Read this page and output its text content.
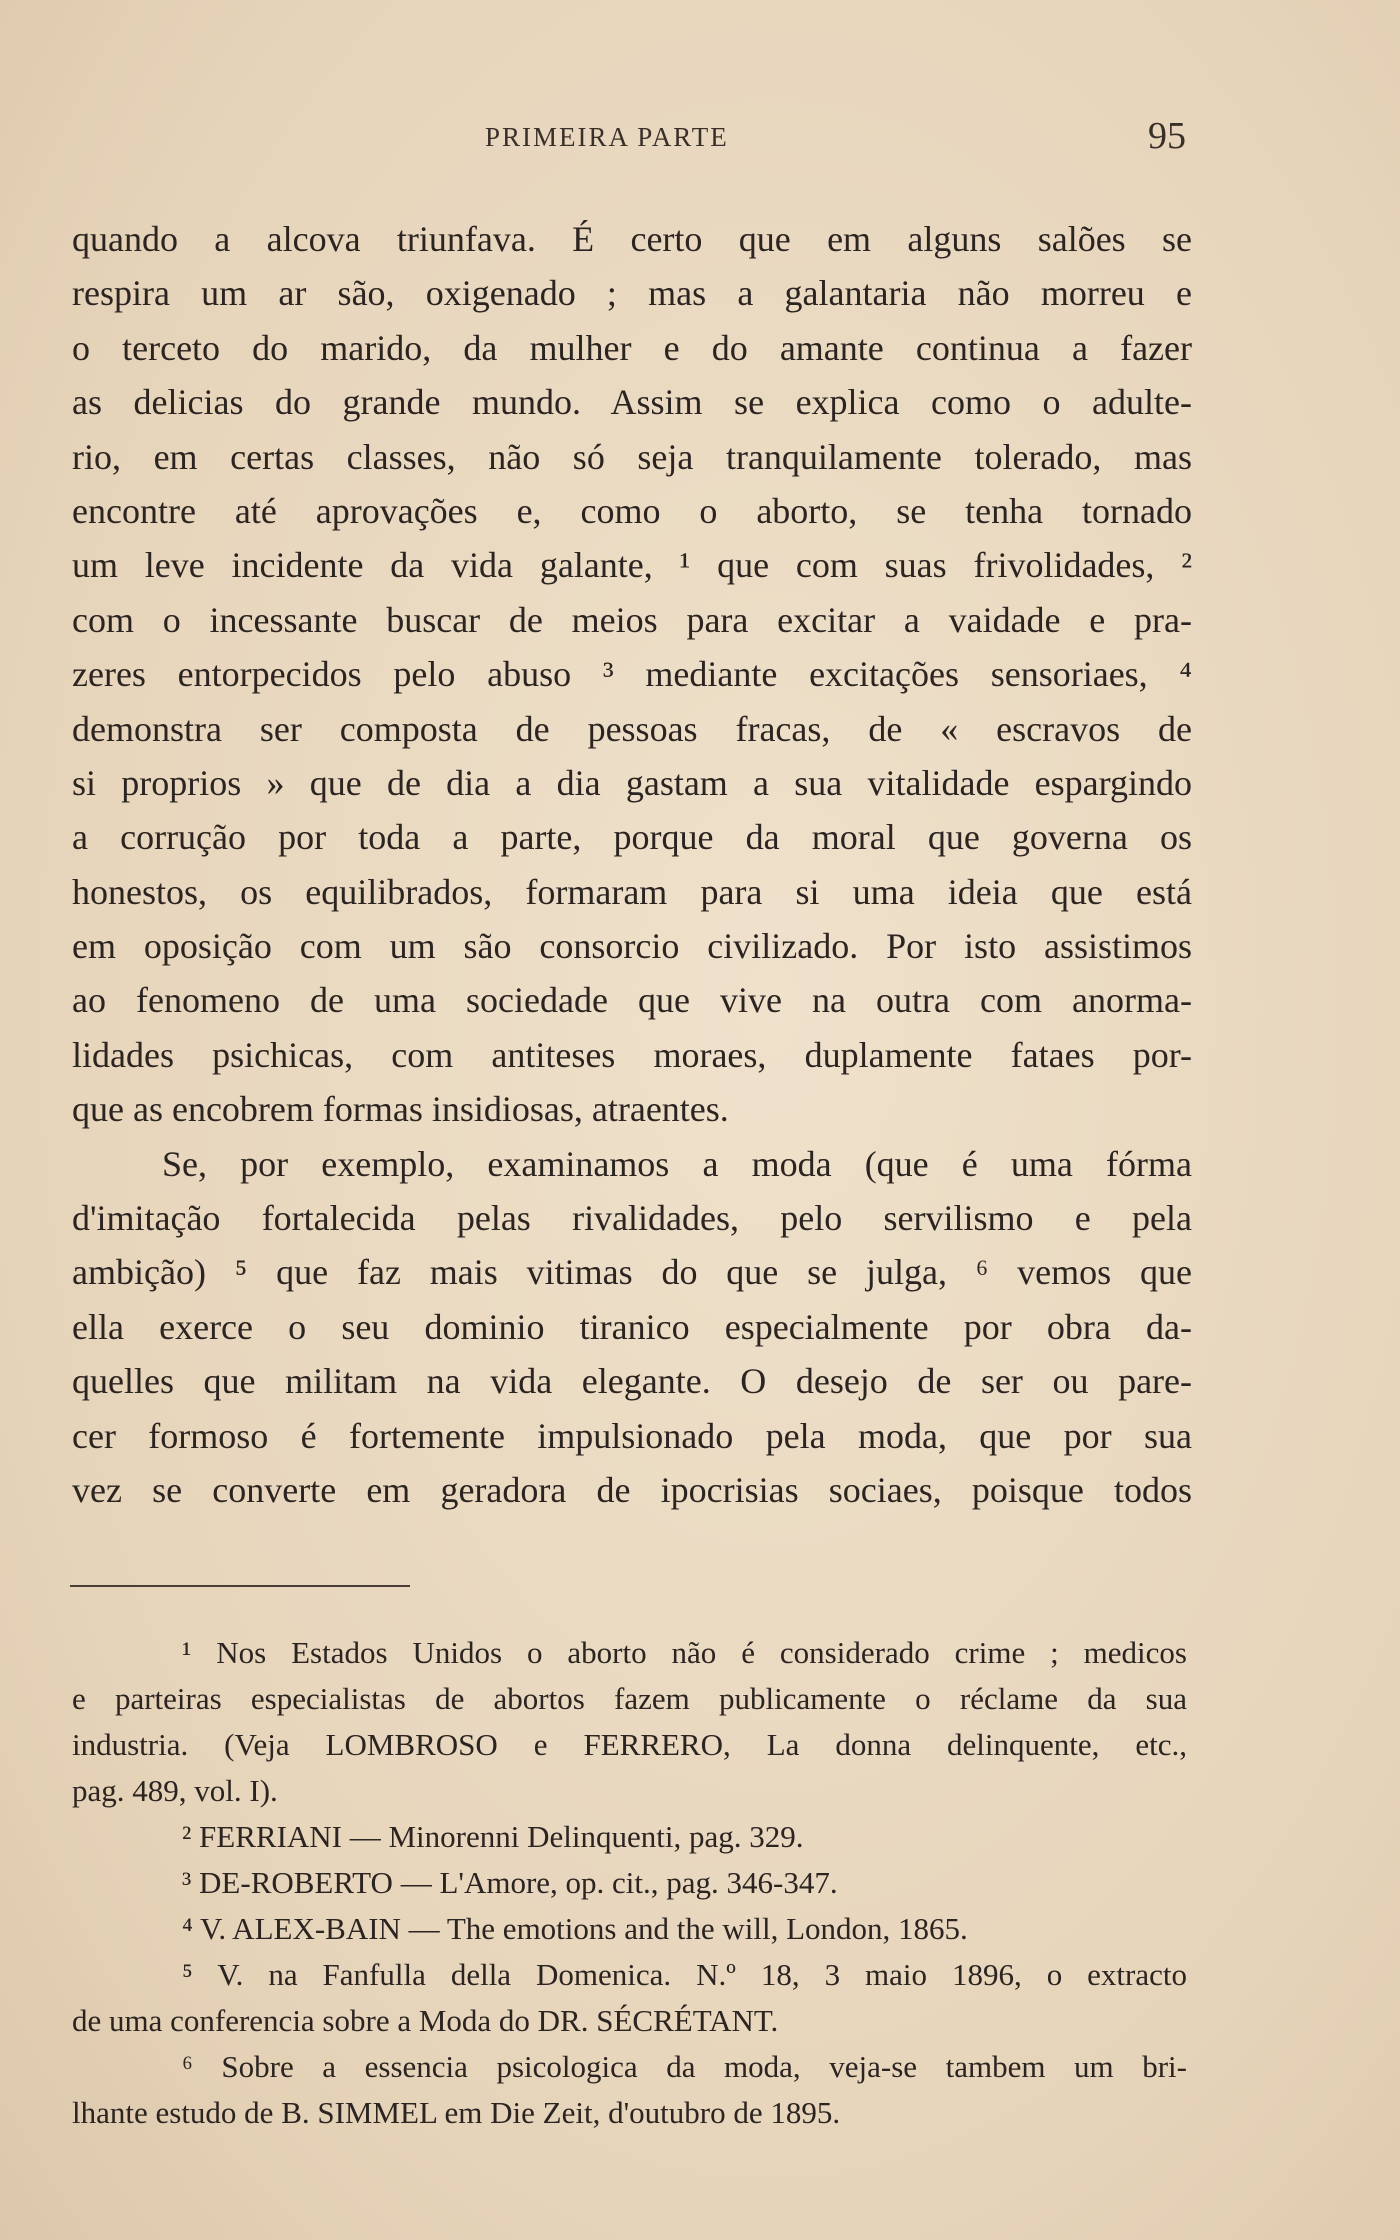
PRIMEIRA PARTE	95
quando a alcova triunfava. É certo que em alguns salões se
respira um ar são, oxigenado ; mas a galantaria não morreu e
o terceto do marido, da mulher e do amante continua a fazer
as delicias do grande mundo. Assim se explica como o adulte-
rio, em certas classes, não só seja tranquilamente tolerado, mas
encontre até aprovações e, como o aborto, se tenha tornado
um leve incidente da vida galante, ¹ que com suas frivolidades, ²
com o incessante buscar de meios para excitar a vaidade e pra-
zeres entorpecidos pelo abuso ³ mediante excitações sensoriaes, ⁴
demonstra ser composta de pessoas fracas, de « escravos de
si proprios » que de dia a dia gastam a sua vitalidade espargindo
a corrução por toda a parte, porque da moral que governa os
honestos, os equilibrados, formaram para si uma ideia que está
em oposição com um são consorcio civilizado. Por isto assistimos
ao fenomeno de uma sociedade que vive na outra com anorma-
lidades psichicas, com antiteses moraes, duplamente fataes por-
que as encobrem formas insidiosas, atraentes.
Se, por exemplo, examinamos a moda (que é uma fórma
d'imitação fortalecida pelas rivalidades, pelo servilismo e pela
ambição) ⁵ que faz mais vitimas do que se julga, ⁶ vemos que
ella exerce o seu dominio tiranico especialmente por obra da-
quelles que militam na vida elegante. O desejo de ser ou pare-
cer formoso é fortemente impulsionado pela moda, que por sua
vez se converte em geradora de ipocrisias sociaes, poisque todos
¹ Nos Estados Unidos o aborto não é considerado crime ; medicos
e parteiras especialistas de abortos fazem publicamente o réclame da sua
industria. (Veja LOMBROSO e FERRERO, La donna delinquente, etc.,
pag. 489, vol. I).
² FERRIANI — Minorenni Delinquenti, pag. 329.
³ DE-ROBERTO — L'Amore, op. cit., pag. 346-347.
⁴ V. ALEX-BAIN — The emotions and the will, London, 1865.
⁵ V. na Fanfulla della Domenica. N.º 18, 3 maio 1896, o extracto
de uma conferencia sobre a Moda do DR. SÉCRÉTANT.
⁶ Sobre a essencia psicologica da moda, veja-se tambem um bri-
lhante estudo de B. SIMMEL em Die Zeit, d'outubro de 1895.
